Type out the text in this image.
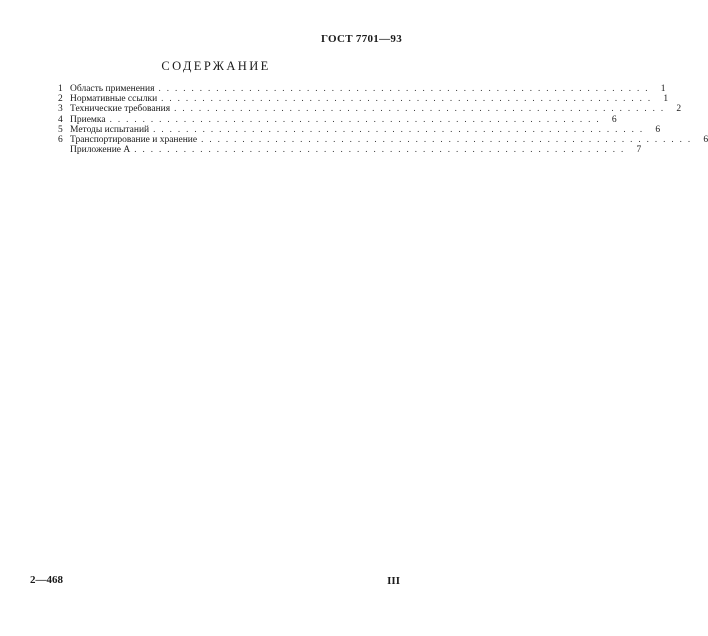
ГОСТ 7701—93
СОДЕРЖАНИЕ
1 Область применения ............................................................ 1
2 Нормативные ссылки ............................................................ 1
3 Технические требования ............................................................ 2
4 Приемка ............................................................ 6
5 Методы испытаний ............................................................ 6
6 Транспортирование и хранение ............................................................ 6
Приложение А ............................................................ 7
2—468	III
